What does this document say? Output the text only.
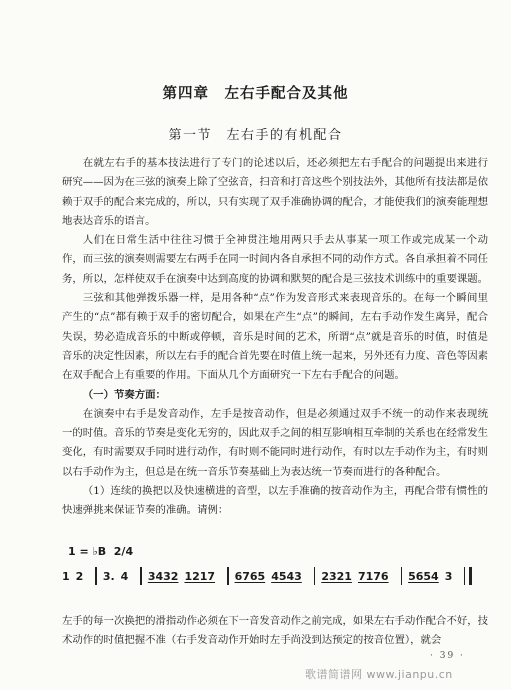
第四章　左右手配合及其他
第一节　左右手的有机配合

在就左右手的基本技法进行了专门的论述以后，还必须把左右手配合的问题提出来进行研究——因为在三弦的演奏上除了空弦音，扫音和打音这些个别技法外，其他所有技法都是依赖于双手的配合来完成的，所以，只有实现了双手准确协调的配合，才能使我们的演奏能理想地表达音乐的语言。

人们在日常生活中往往习惯于全神贯注地用两只手去从事某一项工作或完成某一个动作，而三弦的演奏则需要左右两手在同一时间内各自承担不同的动作方式。各自承担着不同任务，所以，怎样使双手在演奏中达到高度的协调和默契的配合是三弦技术训练中的重要课题。

三弦和其他弹拨乐器一样，是用各种“点”作为发音形式来表现音乐的。在每一个瞬间里产生的“点”都有赖于双手的密切配合，如果在产生“点”的瞬间，左右手动作发生离异，配合失误，势必造成音乐的中断或停顿，音乐是时间的艺术，所谓“点”就是音乐的时值，时值是音乐的决定性因素，所以左右手的配合首先要在时值上统一起来，另外还有力度、音色等因素在双手配合上有重要的作用。下面从几个方面研究一下左右手配合的问题。

（一）节奏方面：

在演奏中右手是发音动作，左手是按音动作，但是必须通过双手不统一的动作来表现统一的时值。音乐的节奏是变化无穷的，因此双手之间的相互影响相互牵制的关系也在经常发生变化，有时需要双手同时进行动作，有时则不能同时进行动作，有时以左手动作为主，有时则以右手动作为主，但总是在统一音乐节奏基础上为表达统一节奏而进行的各种配合。

（1）连续的换把以及快速横进的音型，以左手准确的按音动作为主，再配合带有惯性的快速弹挑来保证节奏的准确。请例：

1 = ♭B 2/4
1 2 3. 4 3432 1217 6765 4543 2321 7176 5654 3
左手的每一次换把的滑指动作必须在下一音发音动作之前完成，如果左右手动作配合不好，技术动作的时值把握不准（右手发音动作开始时左手尚没到达预定的按音位置），就会
· 39 ·
歌谱简谱网 www.jianpu.cn
